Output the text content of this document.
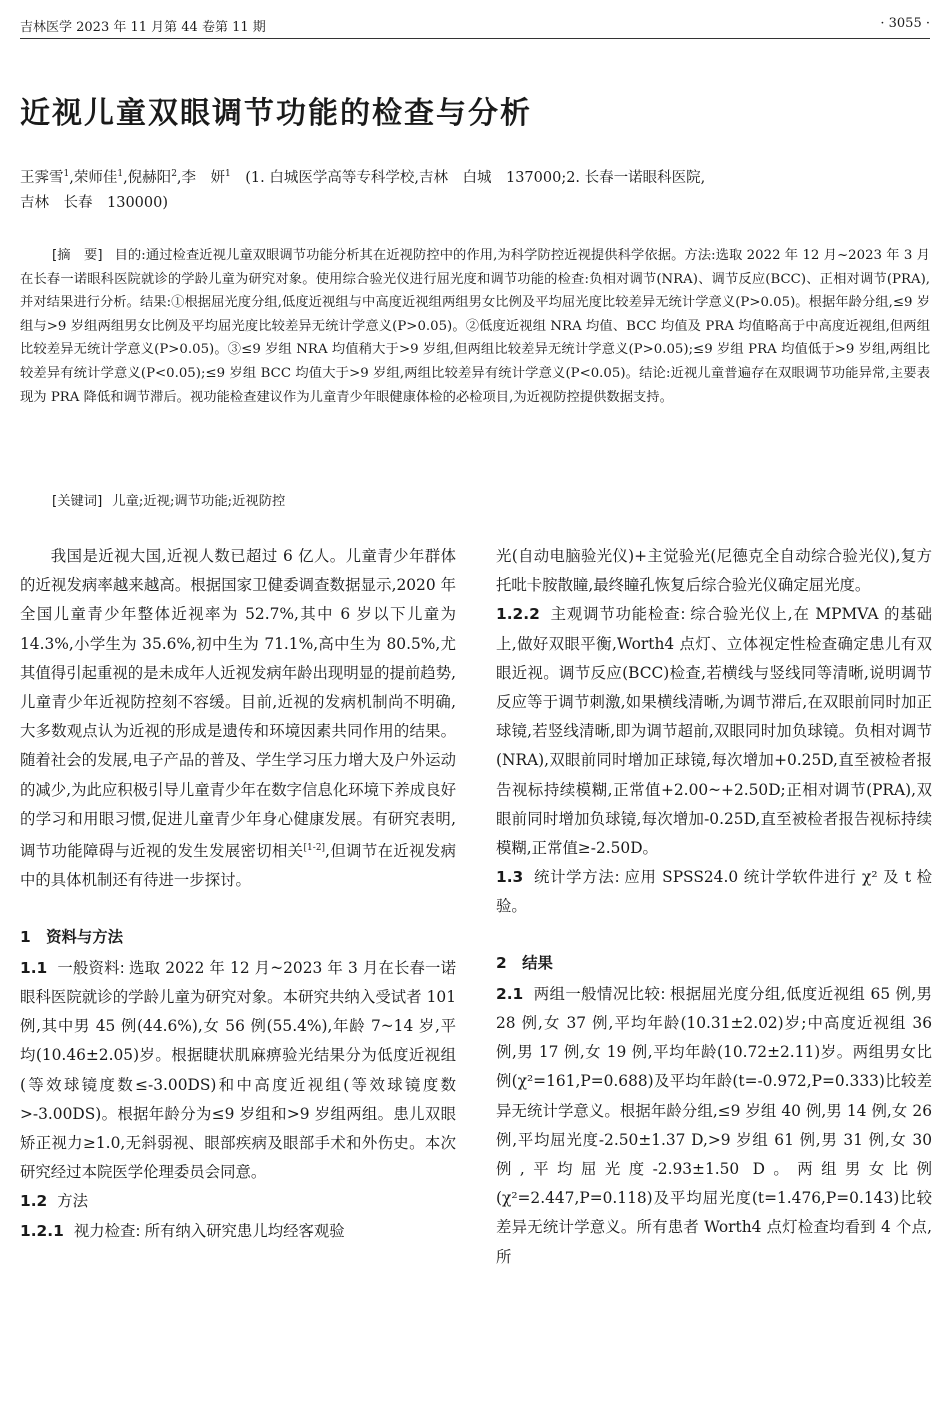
吉林医学 2023 年 11 月第 44 卷第 11 期	· 3055 ·
近视儿童双眼调节功能的检查与分析
王霁雪$^1$,荣师佳$^1$,倪赫阳$^2$,李　妍$^1$　(1. 白城医学高等专科学校,吉林　白城　137000;2. 长春一诺眼科医院,
吉林　长春　130000)
[摘　要] 目的:通过检查近视儿童双眼调节功能分析其在近视防控中的作用,为科学防控近视提供科学依据。方法:选取 2022 年 12 月~2023 年 3 月在长春一诺眼科医院就诊的学龄儿童为研究对象。使用综合验光仪进行屈光度和调节功能的检查:负相对调节(NRA)、调节反应(BCC)、正相对调节(PRA),并对结果进行分析。结果:①根据屈光度分组,低度近视组与中高度近视组两组男女比例及平均屈光度比较差异无统计学意义(P>0.05)。根据年龄分组,≤9 岁组与>9 岁组两组男女比例及平均屈光度比较差异无统计学意义(P>0.05)。②低度近视组 NRA 均值、BCC 均值及 PRA 均值略高于中高度近视组,但两组比较差异无统计学意义(P>0.05)。③≤9 岁组 NRA 均值稍大于>9 岁组,但两组比较差异无统计学意义(P>0.05);≤9 岁组 PRA 均值低于>9 岁组,两组比较差异有统计学意义(P<0.05);≤9 岁组 BCC 均值大于>9 岁组,两组比较差异有统计学意义(P<0.05)。结论:近视儿童普遍存在双眼调节功能异常,主要表现为 PRA 降低和调节滞后。视功能检查建议作为儿童青少年眼健康体检的必检项目,为近视防控提供数据支持。
[关键词] 儿童;近视;调节功能;近视防控

我国是近视大国,近视人数已超过 6 亿人。儿童青少年群体的近视发病率越来越高。根据国家卫健委调查数据显示,2020 年全国儿童青少年整体近视率为 52.7%,其中 6 岁以下儿童为 14.3%,小学生为 35.6%,初中生为 71.1%,高中生为 80.5%,尤其值得引起重视的是未成年人近视发病年龄出现明显的提前趋势,儿童青少年近视防控刻不容缓。目前,近视的发病机制尚不明确,大多数观点认为近视的形成是遗传和环境因素共同作用的结果。随着社会的发展,电子产品的普及、学生学习压力增大及户外运动的减少,为此应积极引导儿童青少年在数字信息化环境下养成良好的学习和用眼习惯,促进儿童青少年身心健康发展。有研究表明,调节功能障碍与近视的发生发展密切相关[1-2],但调节在近视发病中的具体机制还有待进一步探讨。

1　资料与方法

1.1 一般资料: 选取 2022 年 12 月~2023 年 3 月在长春一诺眼科医院就诊的学龄儿童为研究对象。本研究共纳入受试者 101 例,其中男 45 例(44.6%),女 56 例(55.4%),年龄 7~14 岁,平均(10.46±2.05)岁。根据睫状肌麻痹验光结果分为低度近视组(等效球镜度数≤-3.00DS)和中高度近视组(等效球镜度数>-3.00DS)。根据年龄分为≤9 岁组和>9 岁组两组。患儿双眼矫正视力≥1.0,无斜弱视、眼部疾病及眼部手术和外伤史。本次研究经过本院医学伦理委员会同意。

1.2 方法

1.2.1 视力检查: 所有纳入研究患儿均经客观验

光(自动电脑验光仪)+主觉验光(尼德克全自动综合验光仪),复方托吡卡胺散瞳,最终瞳孔恢复后综合验光仪确定屈光度。

1.2.2 主观调节功能检查: 综合验光仪上,在 MPMVA 的基础上,做好双眼平衡,Worth4 点灯、立体视定性检查确定患儿有双眼近视。调节反应(BCC)检查,若横线与竖线同等清晰,说明调节反应等于调节刺激,如果横线清晰,为调节滞后,在双眼前同时加正球镜,若竖线清晰,即为调节超前,双眼同时加负球镜。负相对调节(NRA),双眼前同时增加正球镜,每次增加+0.25D,直至被检者报告视标持续模糊,正常值+2.00~+2.50D;正相对调节(PRA),双眼前同时增加负球镜,每次增加-0.25D,直至被检者报告视标持续模糊,正常值≥-2.50D。

1.3 统计学方法: 应用 SPSS24.0 统计学软件进行 χ² 及 t 检验。

2　结果

2.1 两组一般情况比较: 根据屈光度分组,低度近视组 65 例,男 28 例,女 37 例,平均年龄(10.31±2.02)岁;中高度近视组 36 例,男 17 例,女 19 例,平均年龄(10.72±2.11)岁。两组男女比例(χ²=161,P=0.688)及平均年龄(t=-0.972,P=0.333)比较差异无统计学意义。根据年龄分组,≤9 岁组 40 例,男 14 例,女 26 例,平均屈光度-2.50±1.37 D,>9 岁组 61 例,男 31 例,女 30 例,平均屈光度-2.93±1.50 D。两组男女比例(χ²=2.447,P=0.118)及平均屈光度(t=1.476,P=0.143)比较差异无统计学意义。所有患者 Worth4 点灯检查均看到 4 个点,所
